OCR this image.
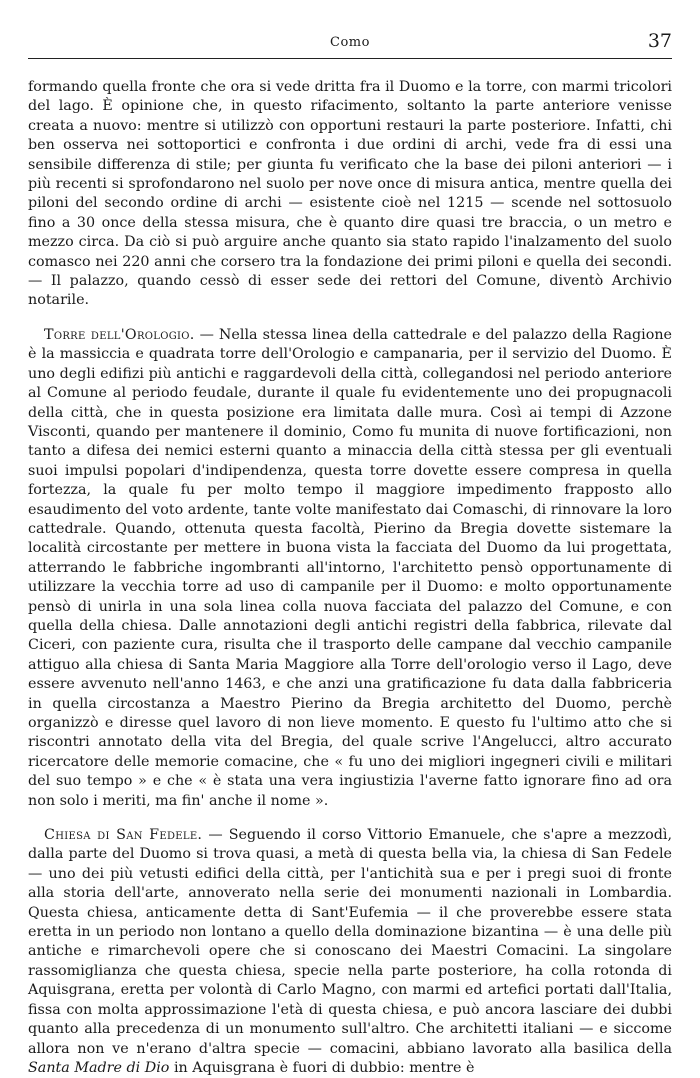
Como	37

formando quella fronte che ora si vede dritta fra il Duomo e la torre, con marmi tricolori del lago. È opinione che, in questo rifacimento, soltanto la parte anteriore venisse creata a nuovo: mentre si utilizzò con opportuni restauri la parte posteriore. Infatti, chi ben osserva nei sottoportici e confronta i due ordini di archi, vede fra di essi una sensibile differenza di stile; per giunta fu verificato che la base dei piloni anteriori — i più recenti si sprofondarono nel suolo per nove once di misura antica, mentre quella dei piloni del secondo ordine di archi — esistente cioè nel 1215 — scende nel sottosuolo fino a 30 once della stessa misura, che è quanto dire quasi tre braccia, o un metro e mezzo circa. Da ciò si può arguire anche quanto sia stato rapido l'inalzamento del suolo comasco nei 220 anni che corsero tra la fondazione dei primi piloni e quella dei secondi. — Il palazzo, quando cessò di esser sede dei rettori del Comune, diventò Archivio notarile.

Torre dell'Orologio. — Nella stessa linea della cattedrale e del palazzo della Ragione è la massiccia e quadrata torre dell'Orologio e campanaria, per il servizio del Duomo. È uno degli edifizi più antichi e raggardevoli della città, collegandosi nel periodo anteriore al Comune al periodo feudale, durante il quale fu evidentemente uno dei propugnacoli della città, che in questa posizione era limitata dalle mura. Così ai tempi di Azzone Visconti, quando per mantenere il dominio, Como fu munita di nuove fortificazioni, non tanto a difesa dei nemici esterni quanto a minaccia della città stessa per gli eventuali suoi impulsi popolari d'indipendenza, questa torre dovette essere compresa in quella fortezza, la quale fu per molto tempo il maggiore impedimento frapposto allo esaudimento del voto ardente, tante volte manifestato dai Comaschi, di rinnovare la loro cattedrale. Quando, ottenuta questa facoltà, Pierino da Bregia dovette sistemare la località circostante per mettere in buona vista la facciata del Duomo da lui progettata, atterrando le fabbriche ingombranti all'intorno, l'architetto pensò opportunamente di utilizzare la vecchia torre ad uso di campanile per il Duomo: e molto opportunamente pensò di unirla in una sola linea colla nuova facciata del palazzo del Comune, e con quella della chiesa. Dalle annotazioni degli antichi registri della fabbrica, rilevate dal Ciceri, con paziente cura, risulta che il trasporto delle campane dal vecchio campanile attiguo alla chiesa di Santa Maria Maggiore alla Torre dell'orologio verso il Lago, deve essere avvenuto nell'anno 1463, e che anzi una gratificazione fu data dalla fabbriceria in quella circostanza a Maestro Pierino da Bregia architetto del Duomo, perchè organizzò e diresse quel lavoro di non lieve momento. E questo fu l'ultimo atto che si riscontri annotato della vita del Bregia, del quale scrive l'Angelucci, altro accurato ricercatore delle memorie comacine, che « fu uno dei migliori ingegneri civili e militari del suo tempo » e che « è stata una vera ingiustizia l'averne fatto ignorare fino ad ora non solo i meriti, ma fin' anche il nome ».

Chiesa di San Fedele. — Seguendo il corso Vittorio Emanuele, che s'apre a mezzodì, dalla parte del Duomo si trova quasi, a metà di questa bella via, la chiesa di San Fedele — uno dei più vetusti edifici della città, per l'antichità sua e per i pregi suoi di fronte alla storia dell'arte, annoverato nella serie dei monumenti nazionali in Lombardia. Questa chiesa, anticamente detta di Sant'Eufemia — il che proverebbe essere stata eretta in un periodo non lontano a quello della dominazione bizantina — è una delle più antiche e rimarchevoli opere che si conoscano dei Maestri Comacini. La singolare rassomiglianza che questa chiesa, specie nella parte posteriore, ha colla rotonda di Aquisgrana, eretta per volontà di Carlo Magno, con marmi ed artefici portati dall'Italia, fissa con molta approssimazione l'età di questa chiesa, e può ancora lasciare dei dubbi quanto alla precedenza di un monumento sull'altro. Che architetti italiani — e siccome allora non ve n'erano d'altra specie — comacini, abbiano lavorato alla basilica della Santa Madre di Dio in Aquisgrana è fuori di dubbio: mentre è
